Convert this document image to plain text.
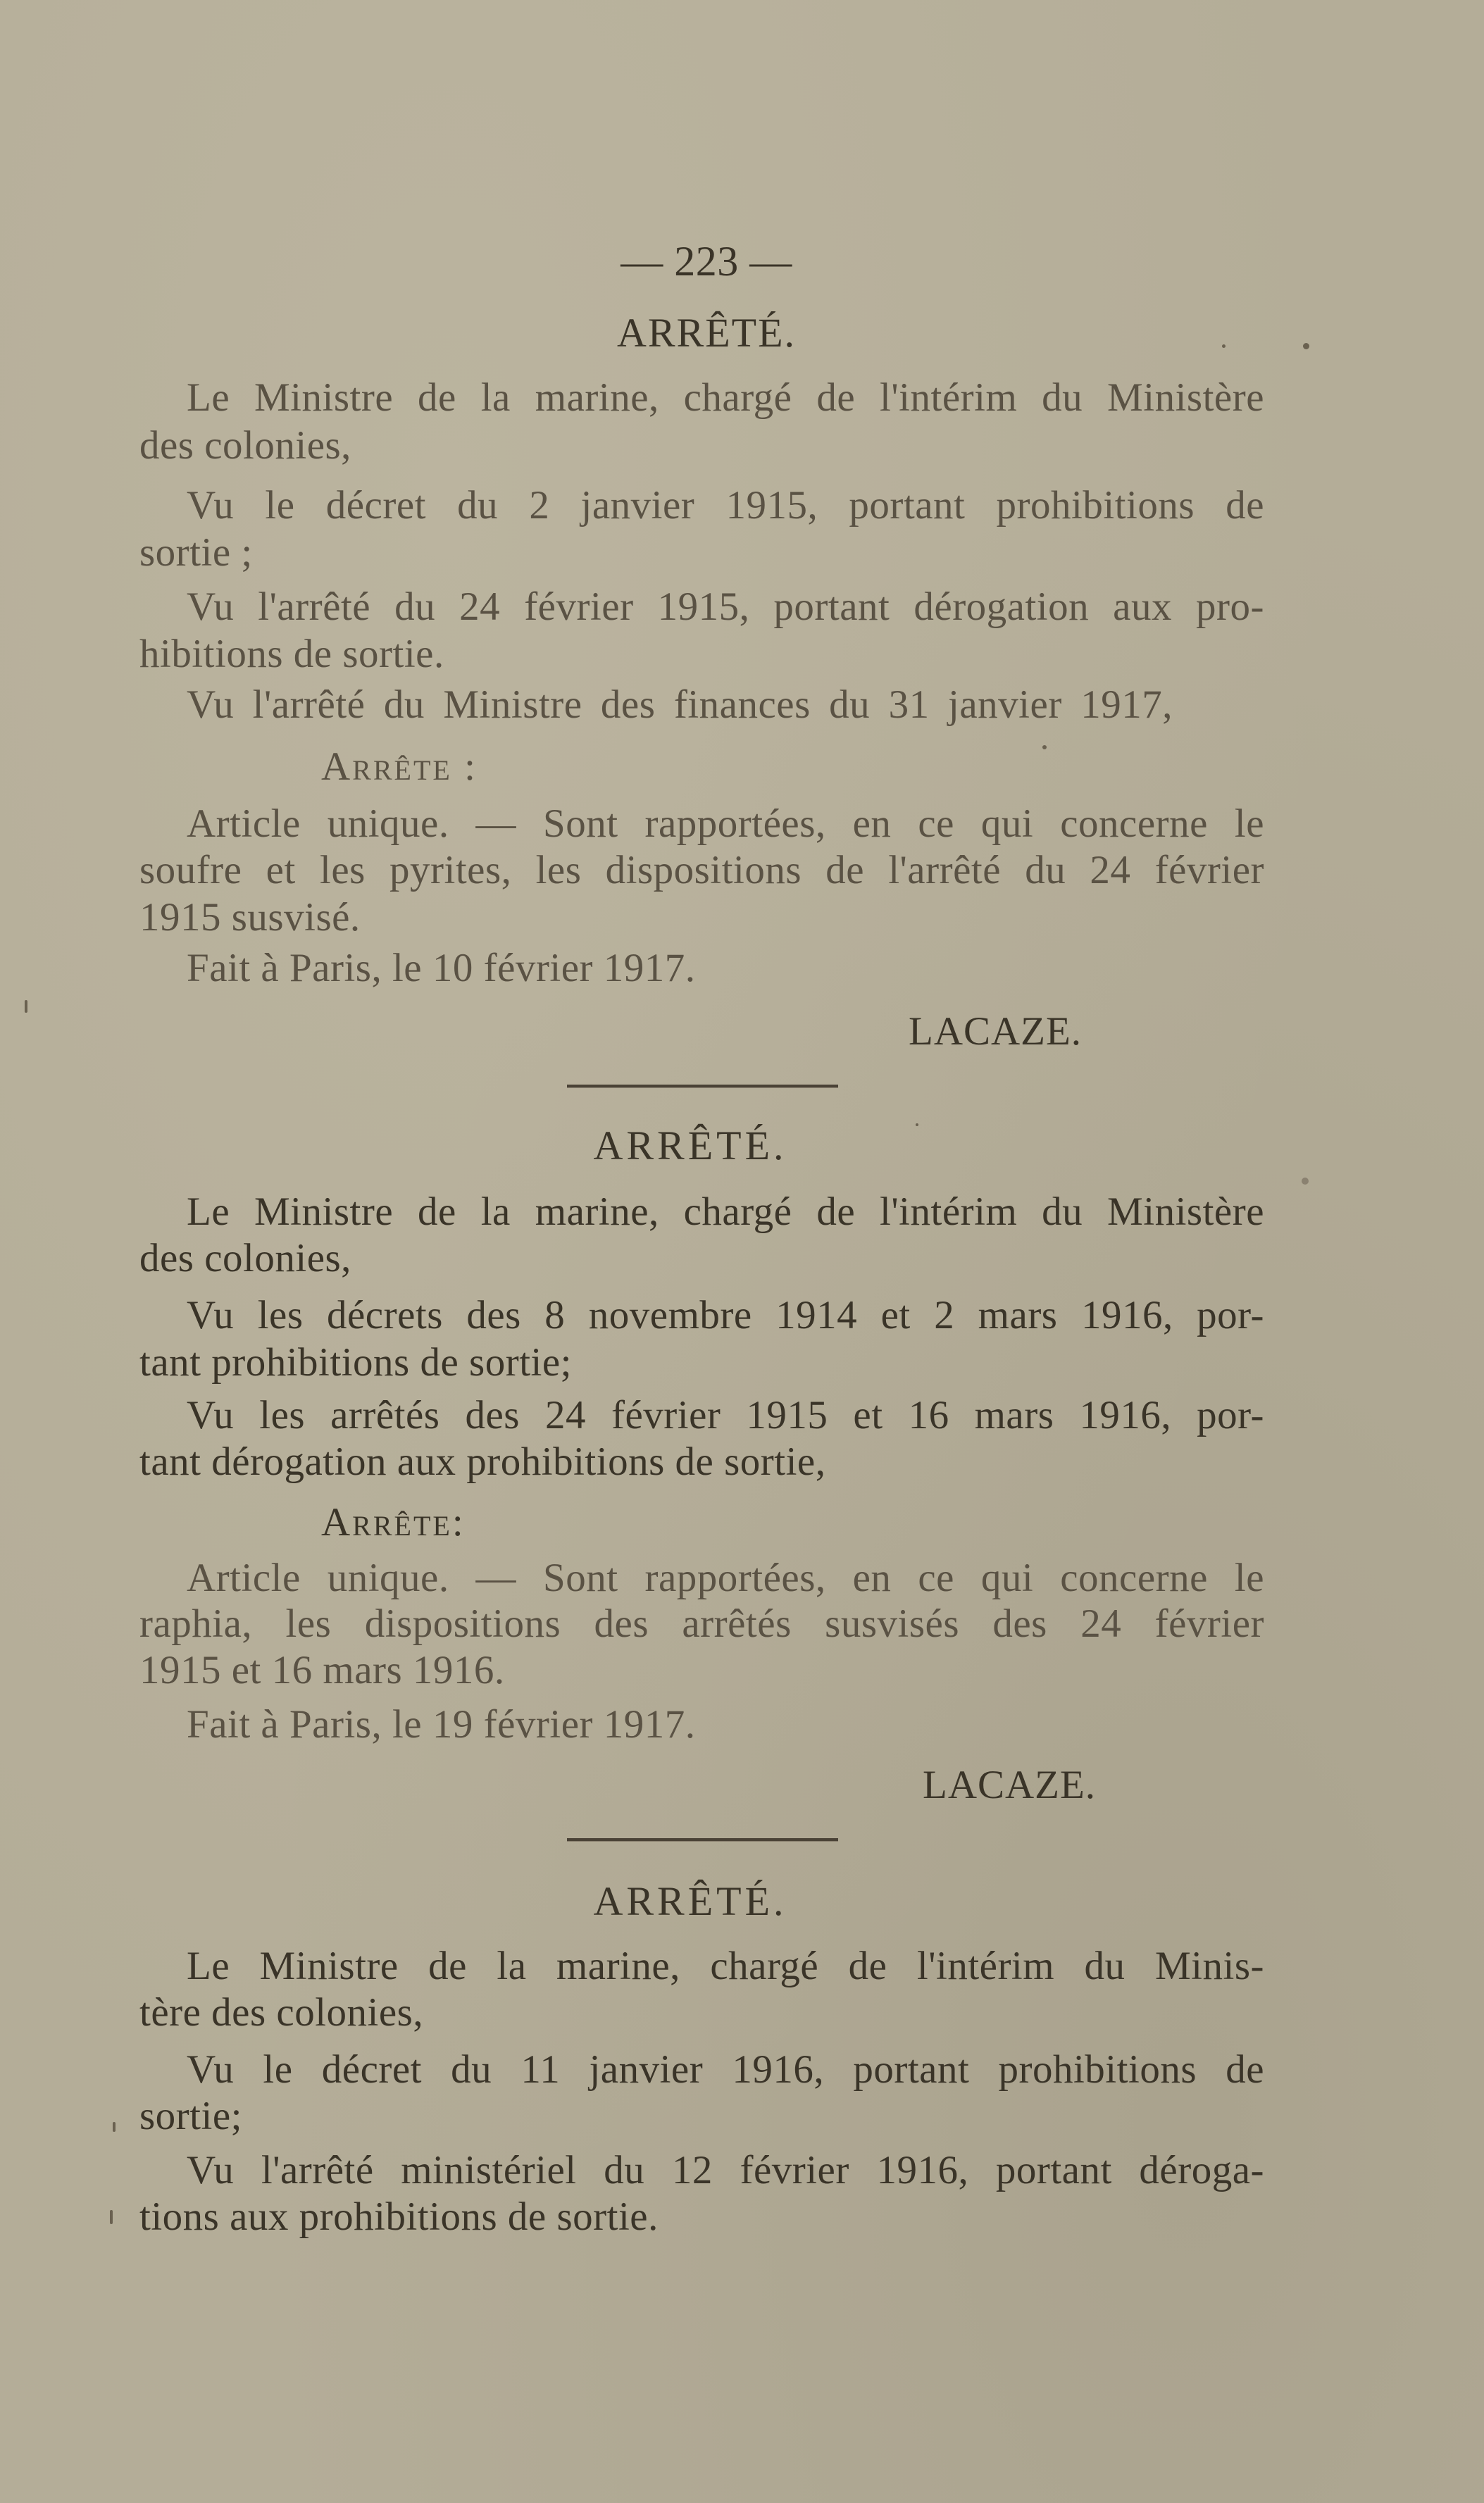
— 223 —
ARRÊTÉ.
Le Ministre de la marine, chargé de l'intérim du Ministère
des colonies,
Vu le décret du 2 janvier 1915, portant prohibitions de
sortie ;
Vu l'arrêté du 24 février 1915, portant dérogation aux pro-
hibitions de sortie.
Vu l'arrêté du Ministre des finances du 31 janvier 1917,
Arrête :
Article unique. — Sont rapportées, en ce qui concerne le
soufre et les pyrites, les dispositions de l'arrêté du 24 février
1915 susvisé.
Fait à Paris, le 10 février 1917.
LACAZE.
ARRÊTÉ.
Le Ministre de la marine, chargé de l'intérim du Ministère
des colonies,
Vu les décrets des 8 novembre 1914 et 2 mars 1916, por-
tant prohibitions de sortie;
Vu les arrêtés des 24 février 1915 et 16 mars 1916, por-
tant dérogation aux prohibitions de sortie,
Arrête:
Article unique. — Sont rapportées, en ce qui concerne le
raphia, les dispositions des arrêtés susvisés des 24 février
1915 et 16 mars 1916.
Fait à Paris, le 19 février 1917.
LACAZE.
ARRÊTÉ.
Le Ministre de la marine, chargé de l'intérim du Minis-
tère des colonies,
Vu le décret du 11 janvier 1916, portant prohibitions de
sortie;
Vu l'arrêté ministériel du 12 février 1916, portant déroga-
tions aux prohibitions de sortie.
